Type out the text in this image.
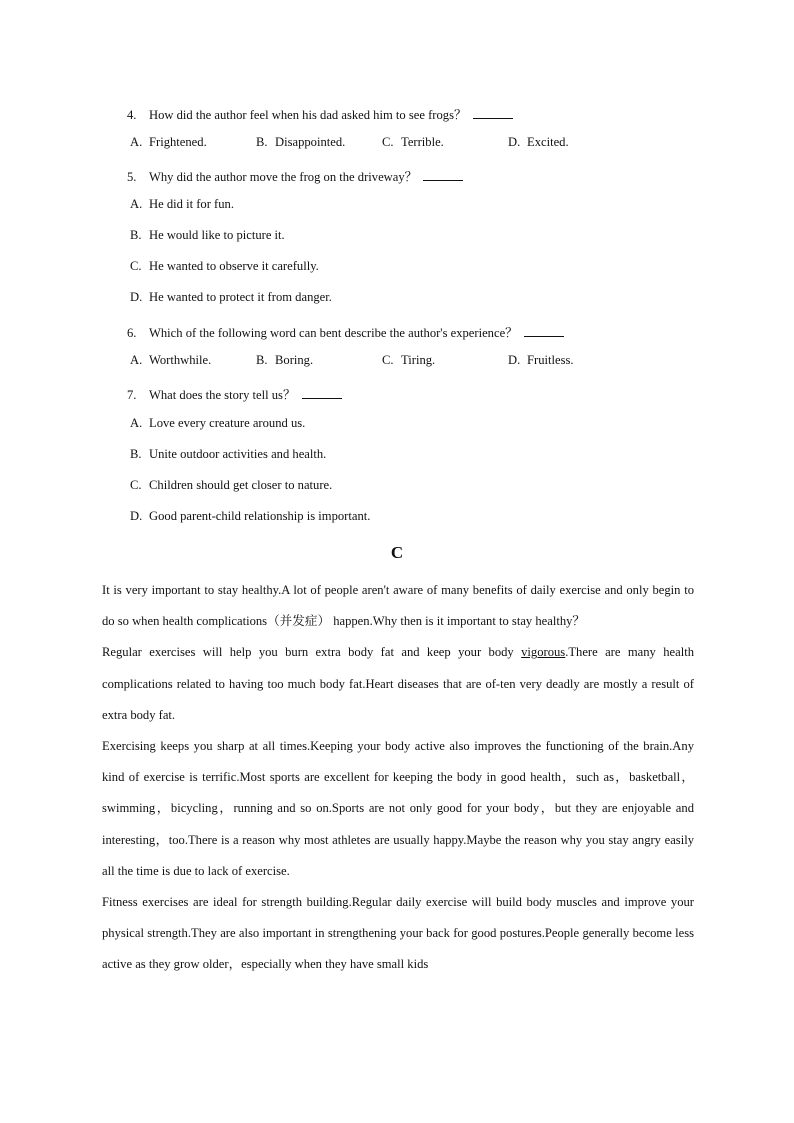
4. How did the author feel when his dad asked him to see frogs？
A. Frightened.	B. Disappointed.	C. Terrible.	D. Excited.
5. Why did the author move the frog on the driveway？
A. He did it for fun.
B. He would like to picture it.
C. He wanted to observe it carefully.
D. He wanted to protect it from danger.
6. Which of the following word can bent describe the author's experience？
A. Worthwhile.	B. Boring.	C. Tiring.	D. Fruitless.
7. What does the story tell us？
A. Love every creature around us.
B. Unite outdoor activities and health.
C. Children should get closer to nature.
D. Good parent-child relationship is important.
C

It is very important to stay healthy.A lot of people aren't aware of many benefits of daily exercise and only begin to do so when health complications（并发症） happen.Why then is it important to stay healthy？

Regular exercises will help you burn extra body fat and keep your body vigorous.There are many health complications related to having too much body fat.Heart diseases that are of-ten very deadly are mostly a result of extra body fat.

Exercising keeps you sharp at all times.Keeping your body active also improves the functioning of the brain.Any kind of exercise is terrific.Most sports are excellent for keeping the body in good health，such as，basketball，swimming，bicycling，running and so on.Sports are not only good for your body，but they are enjoyable and interesting，too.There is a reason why most athletes are usually happy.Maybe the reason why you stay angry easily all the time is due to lack of exercise.

Fitness exercises are ideal for strength building.Regular daily exercise will build body muscles and improve your physical strength.They are also important in strengthening your back for good postures.People generally become less active as they grow older，especially when they have small kids
